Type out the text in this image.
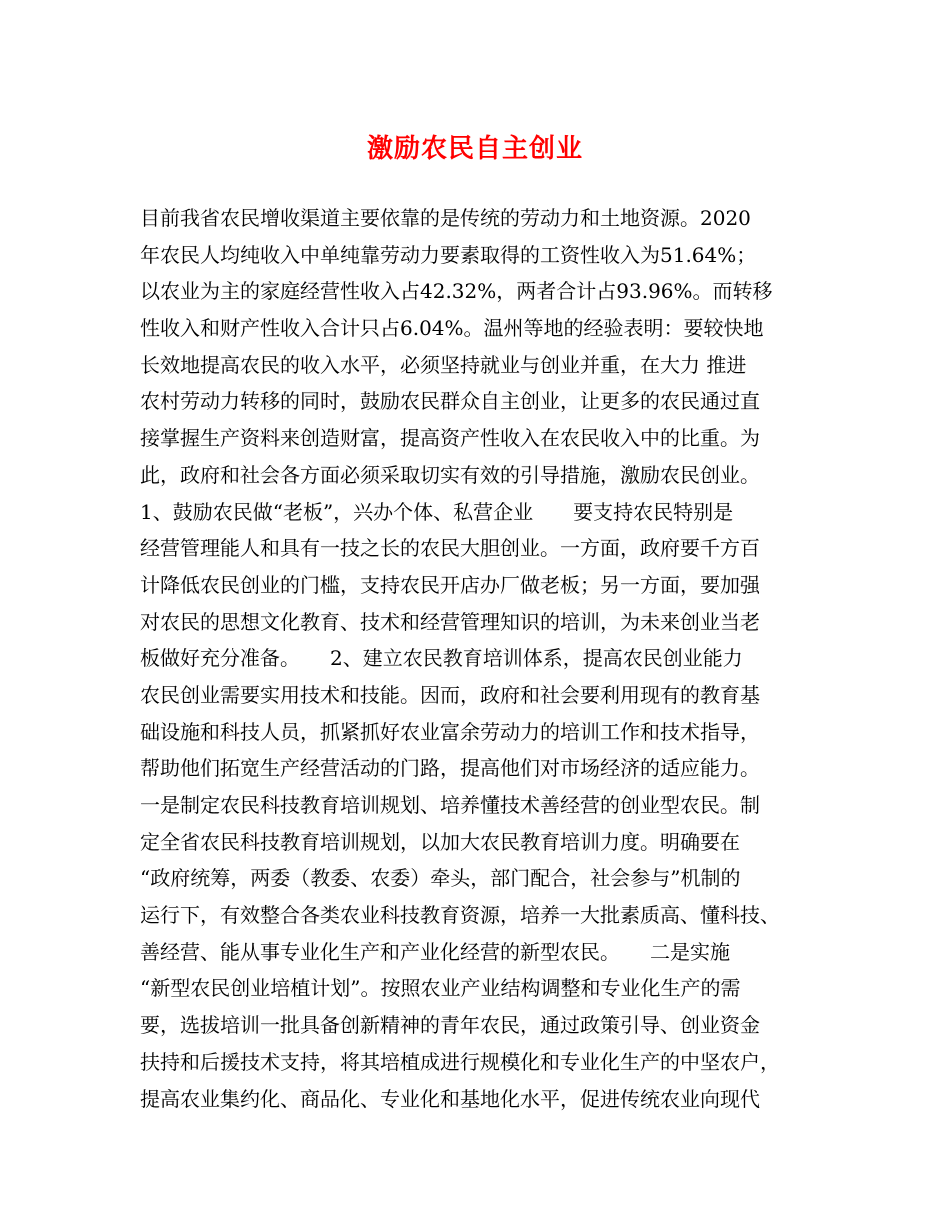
激励农民自主创业
目前我省农民增收渠道主要依靠的是传统的劳动力和土地资源。2020
年农民人均纯收入中单纯靠劳动力要素取得的工资性收入为51.64%；
以农业为主的家庭经营性收入占42.32%，两者合计占93.96%。而转移
性收入和财产性收入合计只占6.04%。温州等地的经验表明：要较快地
长效地提高农民的收入水平，必须坚持就业与创业并重，在大力 推进
农村劳动力转移的同时，鼓励农民群众自主创业，让更多的农民通过直
接掌握生产资料来创造财富，提高资产性收入在农民收入中的比重。为
此，政府和社会各方面必须采取切实有效的引导措施，激励农民创业。
1、鼓励农民做“老板”，兴办个体、私营企业　　要支持农民特别是
经营管理能人和具有一技之长的农民大胆创业。一方面，政府要千方百
计降低农民创业的门槛，支持农民开店办厂做老板；另一方面，要加强
对农民的思想文化教育、技术和经营管理知识的培训，为未来创业当老
板做好充分准备。　　2、建立农民教育培训体系，提高农民创业能力
农民创业需要实用技术和技能。因而，政府和社会要利用现有的教育基
础设施和科技人员，抓紧抓好农业富余劳动力的培训工作和技术指导，
帮助他们拓宽生产经营活动的门路，提高他们对市场经济的适应能力。
一是制定农民科技教育培训规划、培养懂技术善经营的创业型农民。制
定全省农民科技教育培训规划，以加大农民教育培训力度。明确要在
“政府统筹，两委（教委、农委）牵头，部门配合，社会参与”机制的
运行下，有效整合各类农业科技教育资源，培养一大批素质高、懂科技、
善经营、能从事专业化生产和产业化经营的新型农民。　　二是实施
“新型农民创业培植计划”。按照农业产业结构调整和专业化生产的需
要，选拔培训一批具备创新精神的青年农民，通过政策引导、创业资金
扶持和后援技术支持，将其培植成进行规模化和专业化生产的中坚农户，
提高农业集约化、商品化、专业化和基地化水平，促进传统农业向现代
